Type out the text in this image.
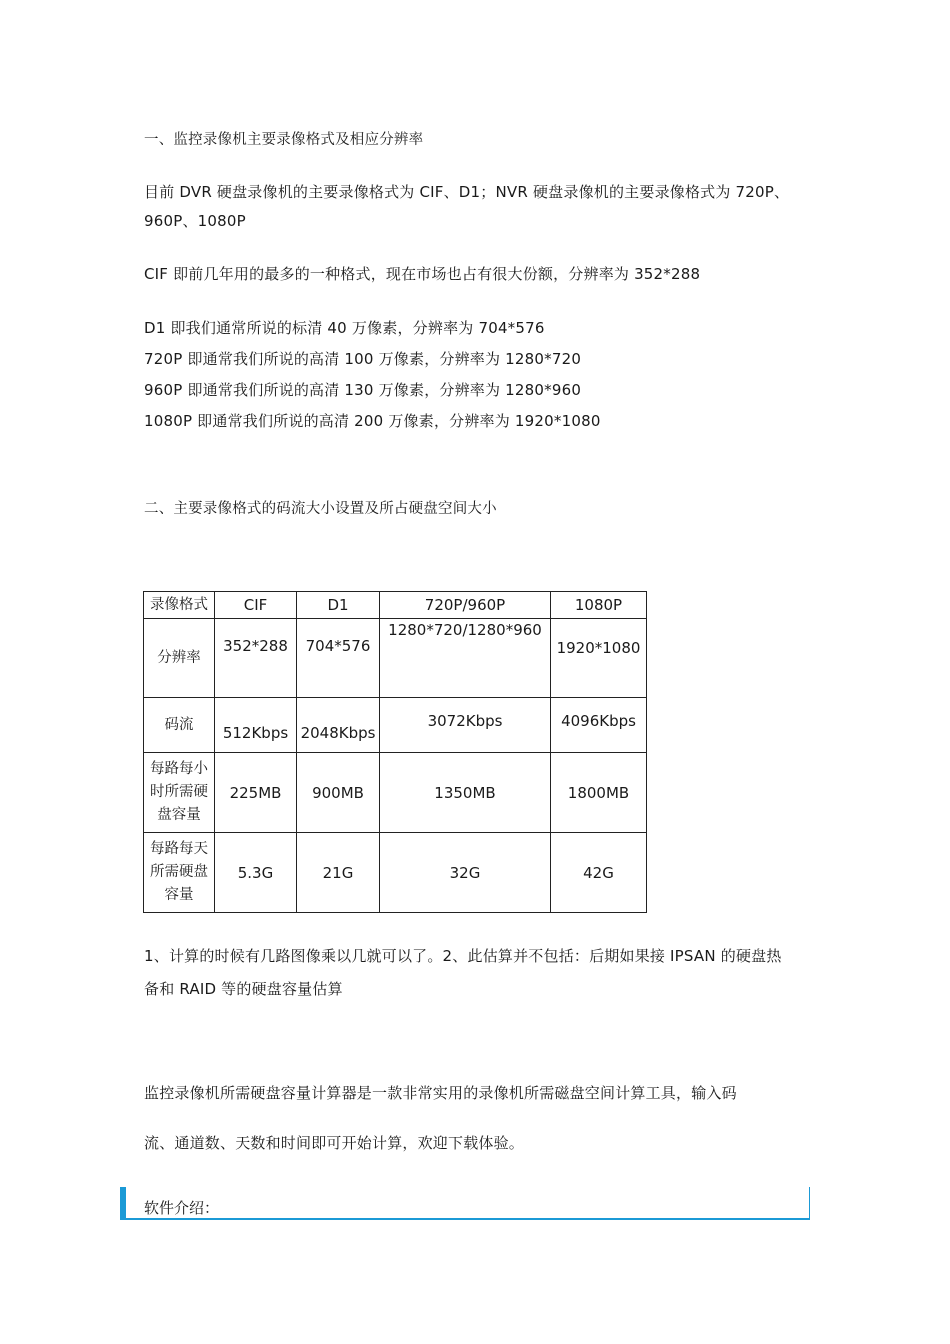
一、监控录像机主要录像格式及相应分辨率
目前 DVR 硬盘录像机的主要录像格式为 CIF、D1；NVR 硬盘录像机的主要录像格式为 720P、
960P、1080P
CIF 即前几年用的最多的一种格式，现在市场也占有很大份额，分辨率为 352*288
D1 即我们通常所说的标清 40 万像素，分辨率为 704*576
720P 即通常我们所说的高清 100 万像素，分辨率为 1280*720
960P 即通常我们所说的高清 130 万像素，分辨率为 1280*960
1080P 即通常我们所说的高清 200 万像素，分辨率为 1920*1080
二、主要录像格式的码流大小设置及所占硬盘空间大小
录像格式	CIF	D1	720P/960P	1080P
分辨率	352*288	704*576	1280*720/1280*960	1920*1080
码流	512Kbps	2048Kbps	3072Kbps	4096Kbps

每路每小
时所需硬
盘容量	225MB	900MB	1350MB	1800MB

每路每天
所需硬盘
容量	5.3G	21G	32G	42G
1、计算的时候有几路图像乘以几就可以了。2、此估算并不包括：后期如果接 IPSAN 的硬盘热
备和 RAID 等的硬盘容量估算
监控录像机所需硬盘容量计算器是一款非常实用的录像机所需磁盘空间计算工具，输入码
流、通道数、天数和时间即可开始计算，欢迎下载体验。
软件介绍：
